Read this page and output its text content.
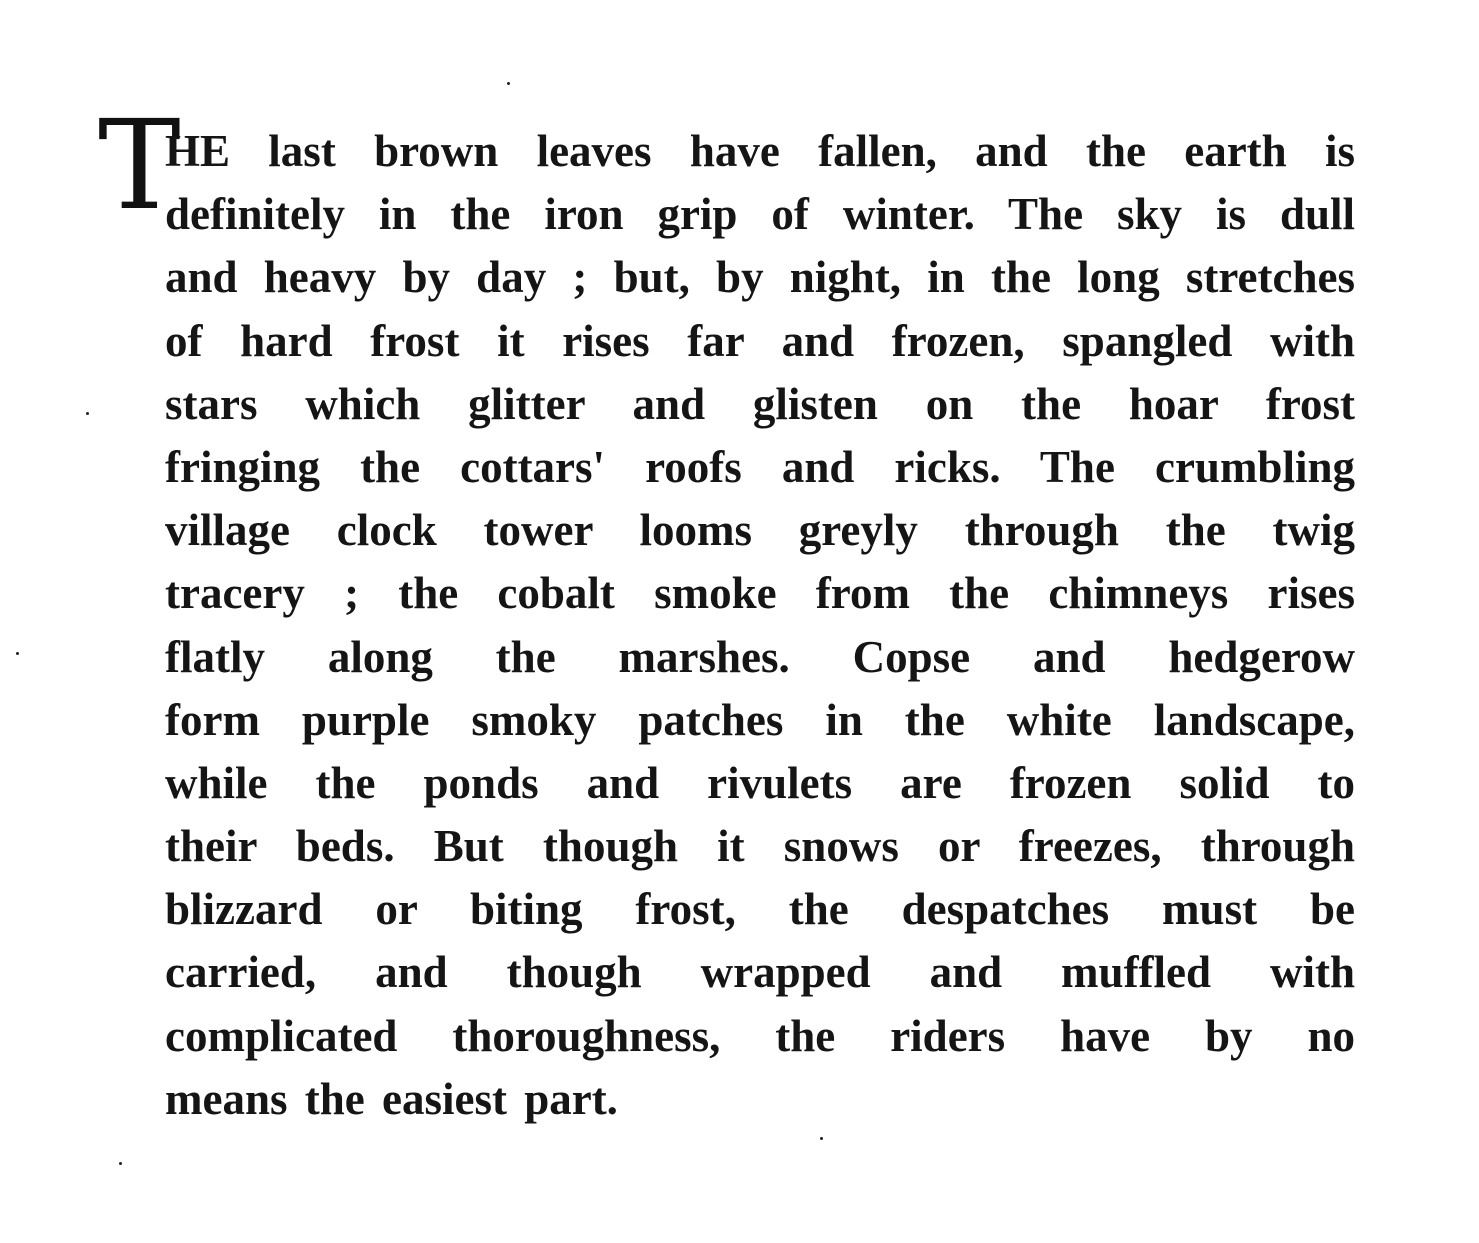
T
HE last brown leaves have fallen, and the earth is
definitely in the iron grip of winter. The sky is dull
and heavy by day ; but, by night, in the long stretches
of hard frost it rises far and frozen, spangled with
stars which glitter and glisten on the hoar frost
fringing the cottars' roofs and ricks. The crumbling
village clock tower looms greyly through the twig
tracery ; the cobalt smoke from the chimneys rises
flatly along the marshes. Copse and hedgerow
form purple smoky patches in the white landscape,
while the ponds and rivulets are frozen solid to
their beds. But though it snows or freezes, through
blizzard or biting frost, the despatches must be
carried, and though wrapped and muffled with
complicated thoroughness, the riders have by no
means the easiest part.
